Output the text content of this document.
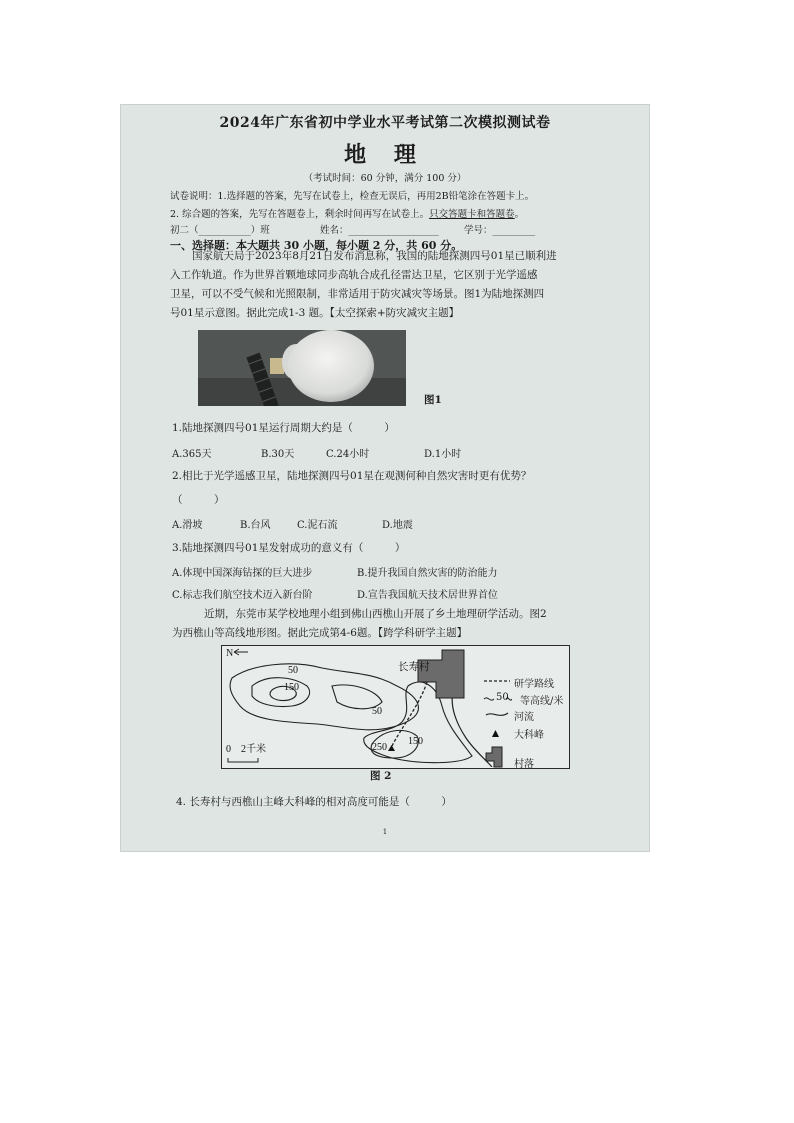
2024年广东省初中学业水平考试第二次模拟测试卷
地 理
（考试时间：60 分钟，满分 100 分）
试卷说明：1.选择题的答案，先写在试卷上，检查无误后，再用2B铅笔涂在答题卡上。
2. 综合题的答案，先写在答题卷上，剩余时间再写在试卷上。只交答题卡和答题卷。
初二（___________）班	姓名：___________________	学号：_________
一、选择题：本大题共 30 小题，每小题 2 分，共 60 分。
国家航天局于2023年8月21日发布消息称，我国的陆地探测四号01星已顺利进
入工作轨道。作为世界首颗地球同步高轨合成孔径雷达卫星，它区别于光学遥感
卫星，可以不受气候和光照限制，非常适用于防灾减灾等场景。图1为陆地探测四
号01星示意图。据此完成1-3 题。【太空探索+防灾减灾主题】
图1
1.陆地探测四号01星运行周期大约是（　　　）
A.365天	B.30天	C.24小时	D.1小时
2.相比于光学遥感卫星，陆地探测四号01星在观测何种自然灾害时更有优势？
（　　　）
A.滑坡	B.台风	C.泥石流	D.地震
3.陆地探测四号01星发射成功的意义有（　　　）
A.体现中国深海钻探的巨大进步	B.提升我国自然灾害的防治能力
C.标志我们航空技术迈入新台阶	D.宣告我国航天技术居世界首位
近期，东莞市某学校地理小组到佛山西樵山开展了乡土地理研学活动。图2
为西樵山等高线地形图。据此完成第4-6题。【跨学科研学主题】
N
长寿村
50
150
50
150
250
0　2千米
研学路线
50 等高线/米
河流
大科峰
村落
图 2
4. 长寿村与西樵山主峰大科峰的相对高度可能是（　　　）
1
